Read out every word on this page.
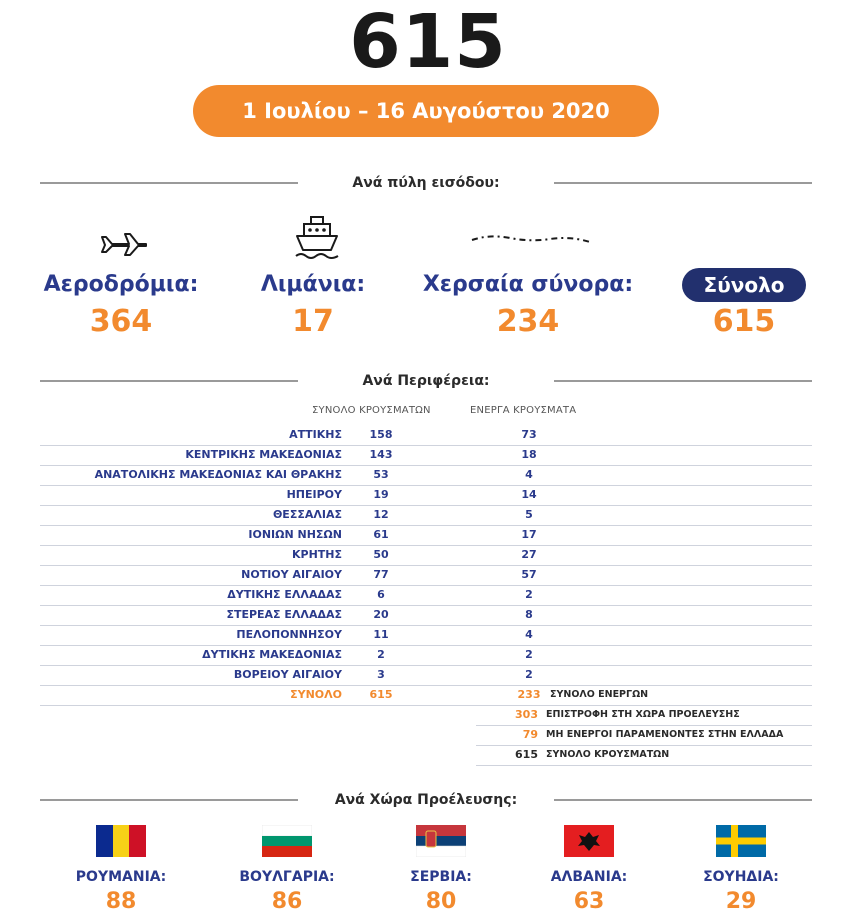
615
1 Ιουλίου – 16 Αυγούστου 2020
Ανά πύλη εισόδου:
Αεροδρόμια:
364
Λιμάνια:
17
Χερσαία σύνορα:
234
Σύνολο
615
Ανά Περιφέρεια:
ΣΥΝΟΛΟ ΚΡΟΥΣΜΑΤΩΝ	ΕΝΕΡΓΑ ΚΡΟΥΣΜΑΤΑ
ΑΤΤΙΚΗΣ	158	73
ΚΕΝΤΡΙΚΗΣ ΜΑΚΕΔΟΝΙΑΣ	143	18
ΑΝΑΤΟΛΙΚΗΣ ΜΑΚΕΔΟΝΙΑΣ ΚΑΙ ΘΡΑΚΗΣ	53	4
ΗΠΕΙΡΟΥ	19	14
ΘΕΣΣΑΛΙΑΣ	12	5
ΙΟΝΙΩΝ ΝΗΣΩΝ	61	17
ΚΡΗΤΗΣ	50	27
ΝΟΤΙΟΥ ΑΙΓΑΙΟΥ	77	57
ΔΥΤΙΚΗΣ ΕΛΛΑΔΑΣ	6	2
ΣΤΕΡΕΑΣ ΕΛΛΑΔΑΣ	20	8
ΠΕΛΟΠΟΝΝΗΣΟΥ	11	4
ΔΥΤΙΚΗΣ ΜΑΚΕΔΟΝΙΑΣ	2	2
ΒΟΡΕΙΟΥ ΑΙΓΑΙΟΥ	3	2
ΣΥΝΟΛΟ	615	233	ΣΥΝΟΛΟ ΕΝΕΡΓΩΝ
303 ΕΠΙΣΤΡΟΦΗ ΣΤΗ ΧΩΡΑ ΠΡΟΕΛΕΥΣΗΣ
79 ΜΗ ΕΝΕΡΓΟΙ ΠΑΡΑΜΕΝΟΝΤΕΣ ΣΤΗΝ ΕΛΛΑΔΑ
615 ΣΥΝΟΛΟ ΚΡΟΥΣΜΑΤΩΝ
Ανά Χώρα Προέλευσης:
ΡΟΥΜΑΝΙΑ:
88
ΒΟΥΛΓΑΡΙΑ:
86
ΣΕΡΒΙΑ:
80
ΑΛΒΑΝΙΑ:
63
ΣΟΥΗΔΙΑ:
29
